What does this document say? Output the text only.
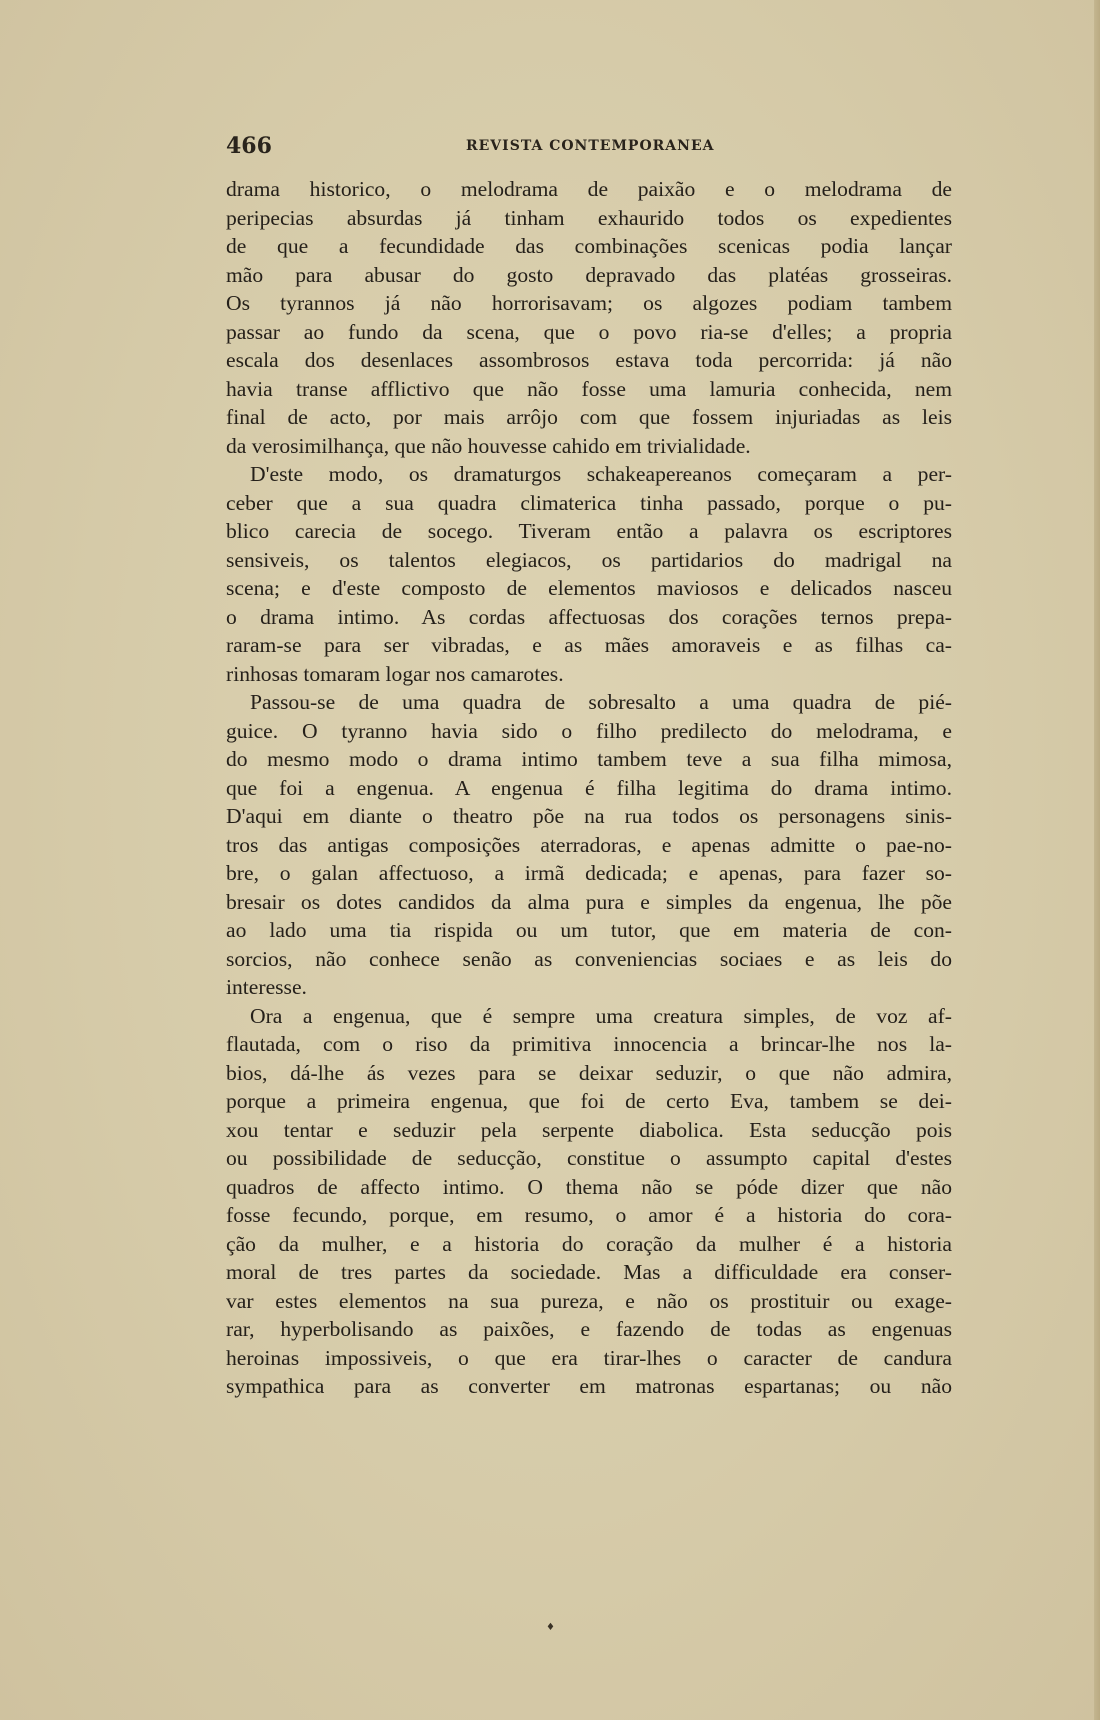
466	REVISTA CONTEMPORANEA
drama historico, o melodrama de paixão e o melodrama de
peripecias absurdas já tinham exhaurido todos os expedientes
de que a fecundidade das combinações scenicas podia lançar
mão para abusar do gosto depravado das platéas grosseiras.
Os tyrannos já não horrorisavam; os algozes podiam tambem
passar ao fundo da scena, que o povo ria-se d'elles; a propria
escala dos desenlaces assombrosos estava toda percorrida: já não
havia transe afflictivo que não fosse uma lamuria conhecida, nem
final de acto, por mais arrôjo com que fossem injuriadas as leis
da verosimilhança, que não houvesse cahido em trivialidade.
D'este modo, os dramaturgos schakeapereanos começaram a per-
ceber que a sua quadra climaterica tinha passado, porque o pu-
blico carecia de socego. Tiveram então a palavra os escriptores
sensiveis, os talentos elegiacos, os partidarios do madrigal na
scena; e d'este composto de elementos maviosos e delicados nasceu
o drama intimo. As cordas affectuosas dos corações ternos prepa-
raram-se para ser vibradas, e as mães amoraveis e as filhas ca-
rinhosas tomaram logar nos camarotes.
Passou-se de uma quadra de sobresalto a uma quadra de pié-
guice. O tyranno havia sido o filho predilecto do melodrama, e
do mesmo modo o drama intimo tambem teve a sua filha mimosa,
que foi a engenua. A engenua é filha legitima do drama intimo.
D'aqui em diante o theatro põe na rua todos os personagens sinis-
tros das antigas composições aterradoras, e apenas admitte o pae-no-
bre, o galan affectuoso, a irmã dedicada; e apenas, para fazer so-
bresair os dotes candidos da alma pura e simples da engenua, lhe põe
ao lado uma tia rispida ou um tutor, que em materia de con-
sorcios, não conhece senão as conveniencias sociaes e as leis do
interesse.
Ora a engenua, que é sempre uma creatura simples, de voz af-
flautada, com o riso da primitiva innocencia a brincar-lhe nos la-
bios, dá-lhe ás vezes para se deixar seduzir, o que não admira,
porque a primeira engenua, que foi de certo Eva, tambem se dei-
xou tentar e seduzir pela serpente diabolica. Esta seducção pois
ou possibilidade de seducção, constitue o assumpto capital d'estes
quadros de affecto intimo. O thema não se póde dizer que não
fosse fecundo, porque, em resumo, o amor é a historia do cora-
ção da mulher, e a historia do coração da mulher é a historia
moral de tres partes da sociedade. Mas a difficuldade era conser-
var estes elementos na sua pureza, e não os prostituir ou exage-
rar, hyperbolisando as paixões, e fazendo de todas as engenuas
heroinas impossiveis, o que era tirar-lhes o caracter de candura
sympathica para as converter em matronas espartanas; ou não
♦
